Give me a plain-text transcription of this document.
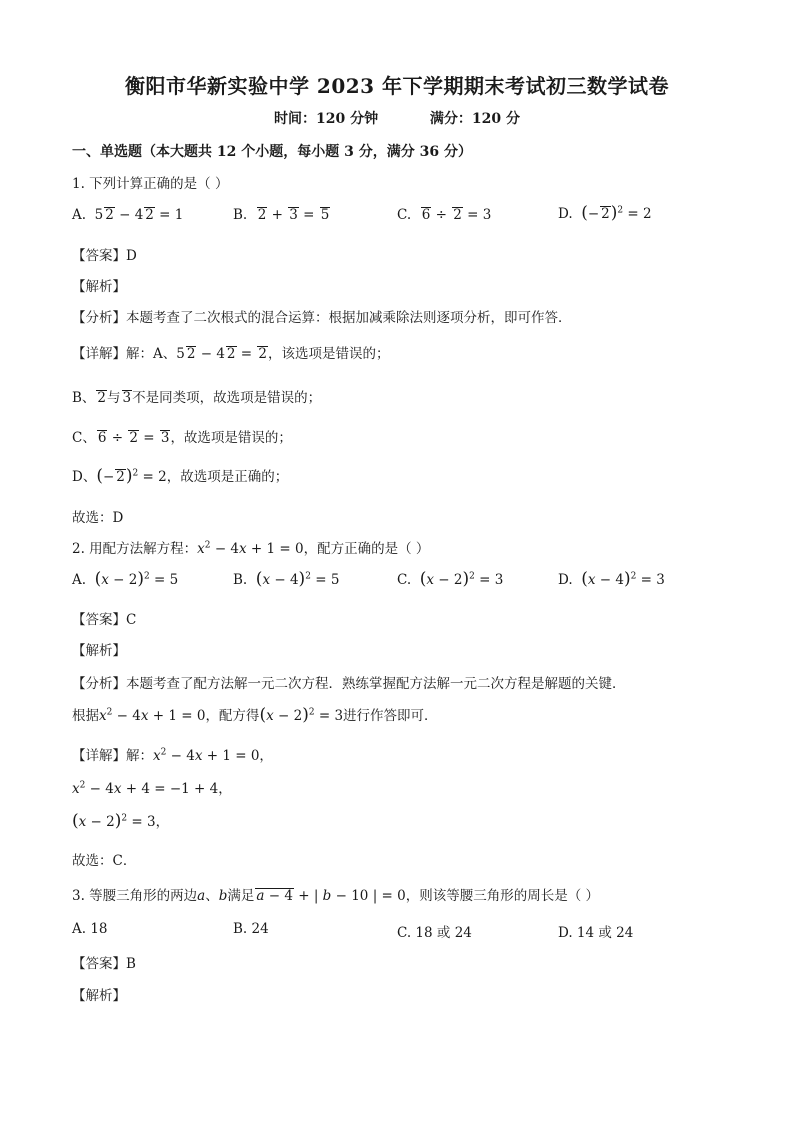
衡阳市华新实验中学 2023 年下学期期末考试初三数学试卷
时间：120 分钟	满分：120 分
一、单选题（本大题共 12 个小题，每小题 3 分，满分 36 分）
1. 下列计算正确的是（ ）
A.  5 2 − 4 2 = 1	B.  2 + 3 = 5	C.  6 ÷ 2 = 3	D.  (− 2)$^2$ = 2
【答案】D
【解析】
【分析】本题考查了二次根式的混合运算：根据加减乘除法则逐项分析，即可作答．
【详解】解：A、5 2 − 4 2 = 2，该选项是错误的；
B、 2与 3不是同类项，故选项是错误的；
C、 6 ÷ 2 = 3，故选项是错误的；
D、(− 2)$^2$ = 2，故选项是正确的；
故选：D
2. 用配方法解方程：$x^2 - 4x + 1 = 0$，配方正确的是（ ）
A.  $(x - 2)^2 = 5$	B.  $(x - 4)^2 = 5$	C.  $(x - 2)^2 = 3$	D.  $(x - 4)^2 = 3$
【答案】C
【解析】
【分析】本题考查了配方法解一元二次方程．熟练掌握配方法解一元二次方程是解题的关键．
根据$x^2 - 4x + 1 = 0$，配方得$(x - 2)^2 = 3$进行作答即可．
【详解】解：$x^2 - 4x + 1 = 0$，
$x^2 - 4x + 4 = -1 + 4$，
$(x - 2)^2 = 3$，
故选：C．
3. 等腰三角形的两边a、b满足 a − 4 + | b − 10 | = 0，则该等腰三角形的周长是（ ）
A. 18	B. 24	C. 18 或 24	D. 14 或 24
【答案】B
【解析】
